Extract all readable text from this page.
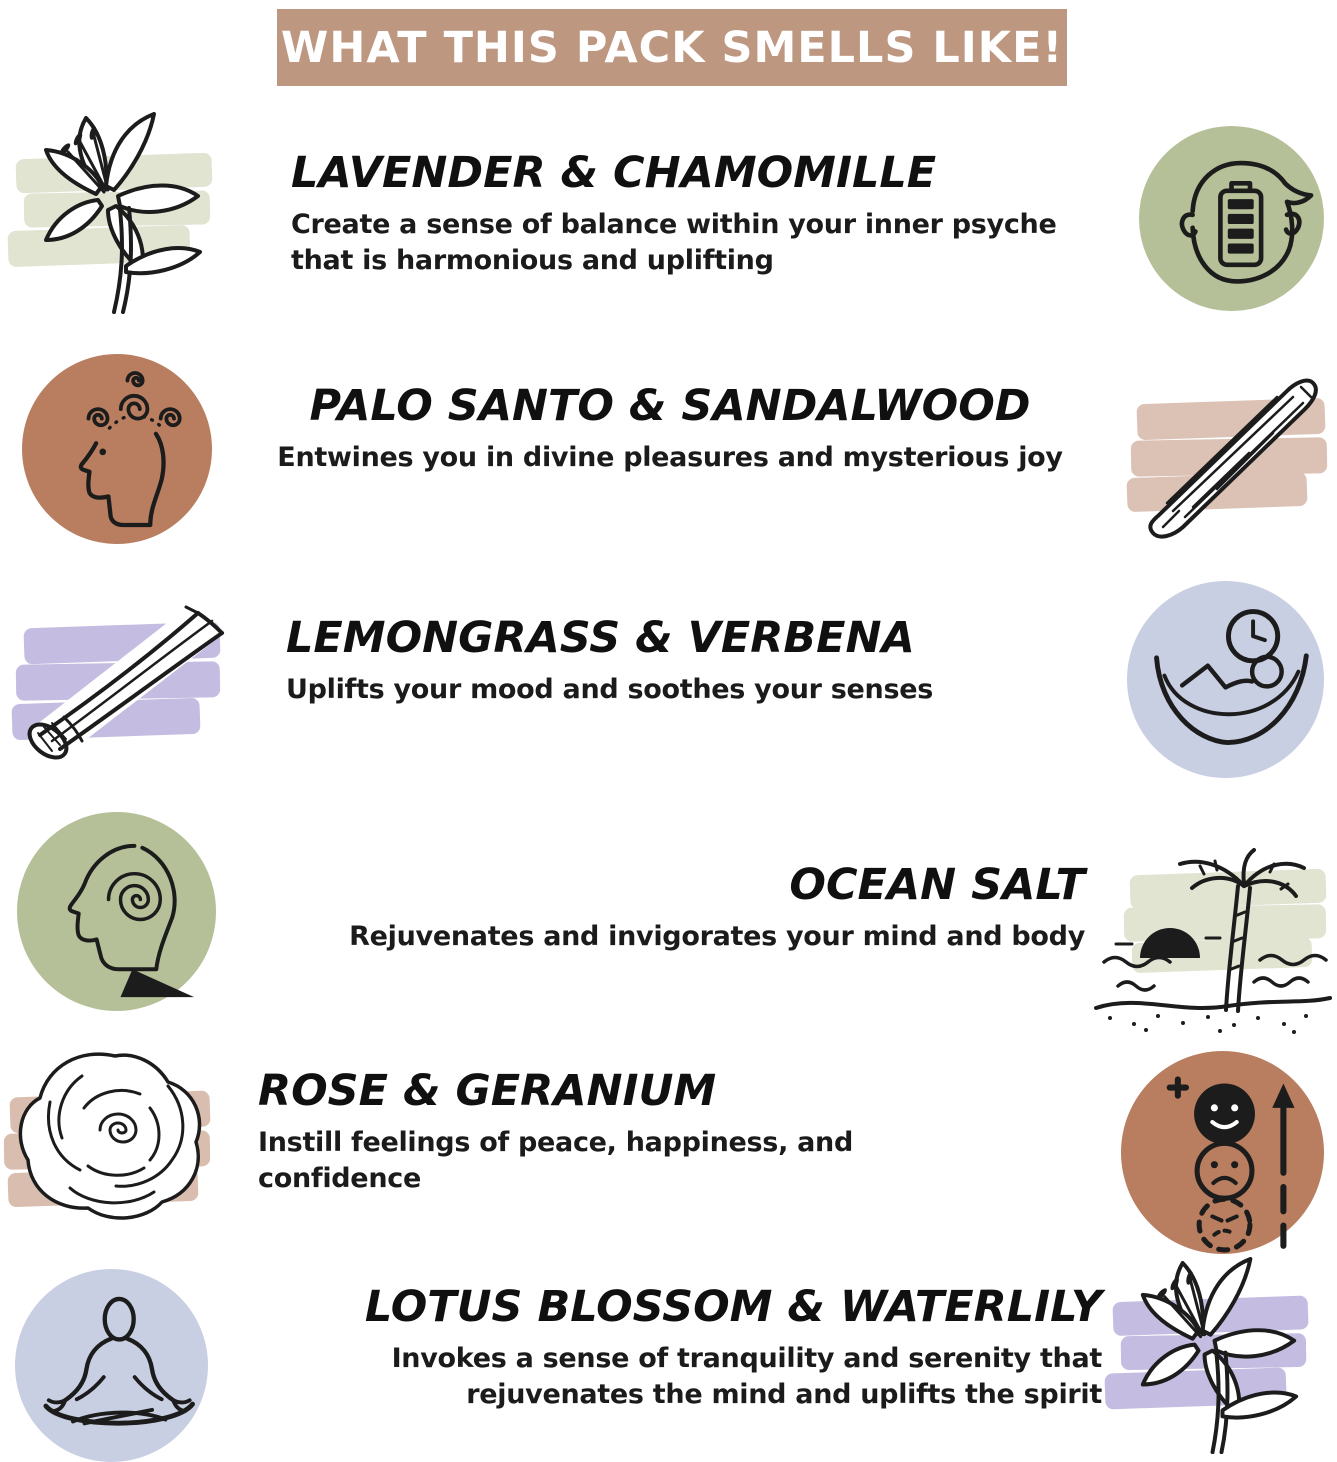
WHAT THIS PACK SMELLS LIKE!
LAVENDER & CHAMOMILLE
Create a sense of balance within your inner psyche that is harmonious and uplifting
PALO SANTO & SANDALWOOD
Entwines you in divine pleasures and mysterious joy
LEMONGRASS & VERBENA
Uplifts your mood and soothes your senses
OCEAN SALT
Rejuvenates and invigorates your mind and body
ROSE & GERANIUM
Instill feelings of peace, happiness, and confidence
LOTUS BLOSSOM & WATERLILY
Invokes a sense of tranquility and serenity that rejuvenates the mind and uplifts the spirit
